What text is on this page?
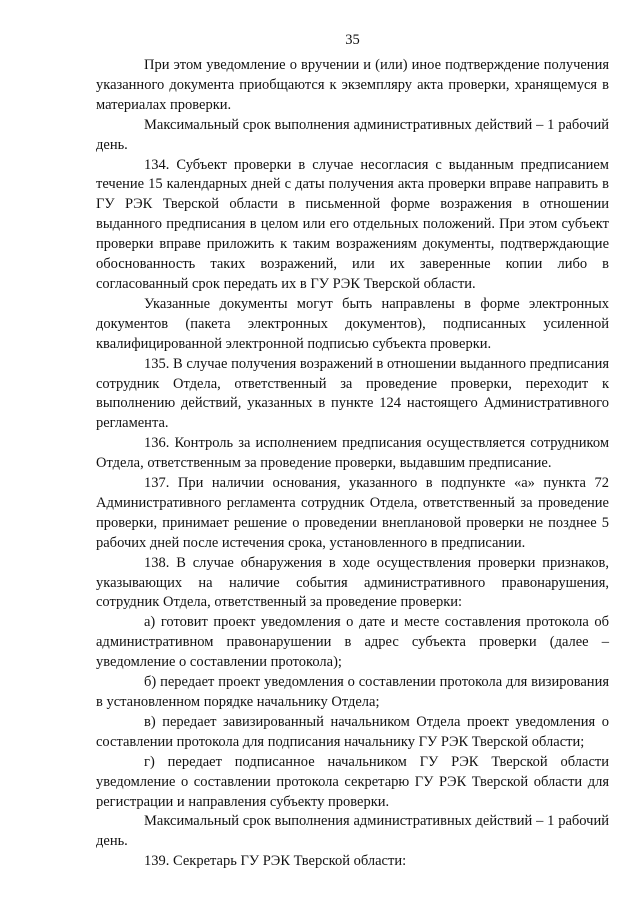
35

При этом уведомление о вручении и (или) иное подтверждение получения указанного документа приобщаются к экземпляру акта проверки, хранящемуся в материалах проверки.

Максимальный срок выполнения административных действий – 1 рабочий день.

134. Субъект проверки в случае несогласия с выданным предписанием течение 15 календарных дней с даты получения акта проверки вправе направить в ГУ РЭК Тверской области в письменной форме возражения в отношении выданного предписания в целом или его отдельных положений. При этом субъект проверки вправе приложить к таким возражениям документы, подтверждающие обоснованность таких возражений, или их заверенные копии либо в согласованный срок передать их в ГУ РЭК Тверской области.

Указанные документы могут быть направлены в форме электронных документов (пакета электронных документов), подписанных усиленной квалифицированной электронной подписью субъекта проверки.

135. В случае получения возражений в отношении выданного предписания сотрудник Отдела, ответственный за проведение проверки, переходит к выполнению действий, указанных в пункте 124 настоящего Административного регламента.

136. Контроль за исполнением предписания осуществляется сотрудником Отдела, ответственным за проведение проверки, выдавшим предписание.

137. При наличии основания, указанного в подпункте «а» пункта 72 Административного регламента сотрудник Отдела, ответственный за проведение проверки, принимает решение о проведении внеплановой проверки не позднее 5 рабочих дней после истечения срока, установленного в предписании.

138. В случае обнаружения в ходе осуществления проверки признаков, указывающих на наличие события административного правонарушения, сотрудник Отдела, ответственный за проведение проверки:

а) готовит проект уведомления о дате и месте составления протокола об административном правонарушении в адрес субъекта проверки (далее – уведомление о составлении протокола);

б) передает проект уведомления о составлении протокола для визирования в установленном порядке начальнику Отдела;

в) передает завизированный начальником Отдела проект уведомления о составлении протокола для подписания начальнику ГУ РЭК Тверской области;

г) передает подписанное начальником ГУ РЭК Тверской области уведомление о составлении протокола секретарю ГУ РЭК Тверской области для регистрации и направления субъекту проверки.

Максимальный срок выполнения административных действий – 1 рабочий день.

139. Секретарь ГУ РЭК Тверской области:
